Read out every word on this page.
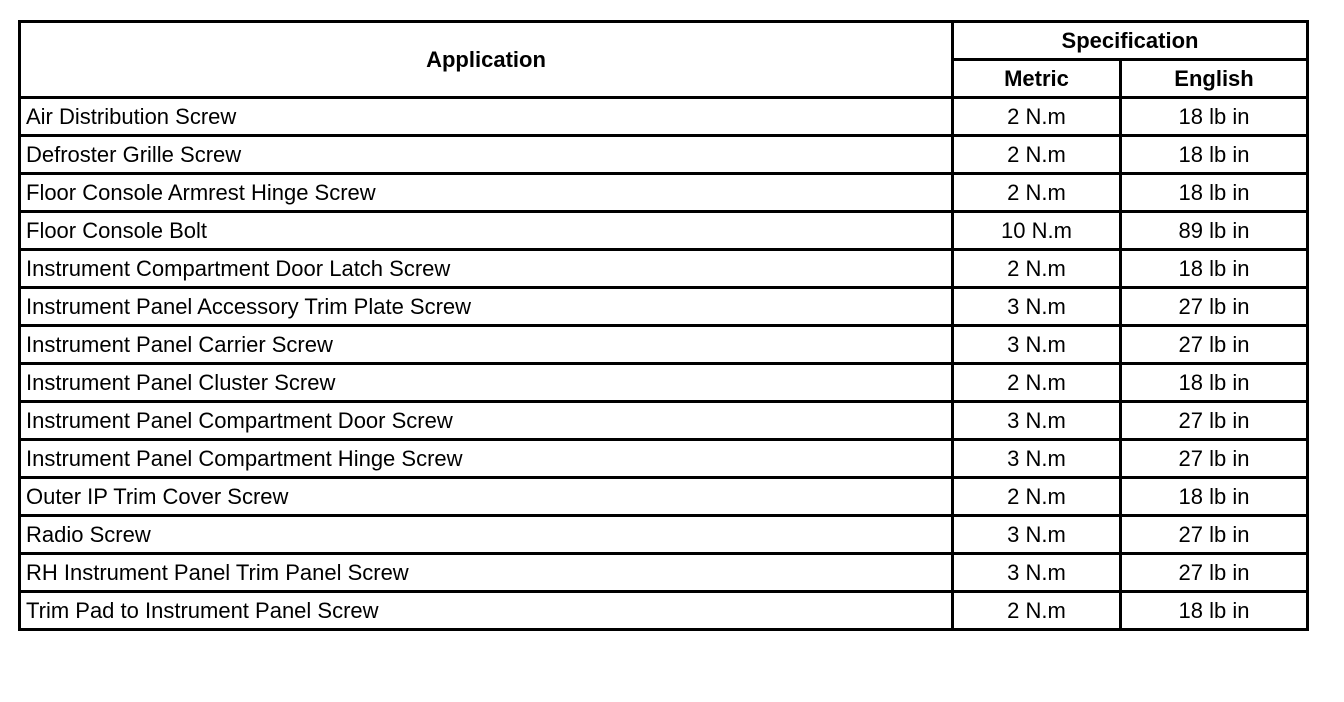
Application	Specification	
	Metric	English
Air Distribution Screw	2 N.m	18 lb in
Defroster Grille Screw	2 N.m	18 lb in
Floor Console Armrest Hinge Screw	2 N.m	18 lb in
Floor Console Bolt	10 N.m	89 lb in
Instrument Compartment Door Latch Screw	2 N.m	18 lb in
Instrument Panel Accessory Trim Plate Screw	3 N.m	27 lb in
Instrument Panel Carrier Screw	3 N.m	27 lb in
Instrument Panel Cluster Screw	2 N.m	18 lb in
Instrument Panel Compartment Door Screw	3 N.m	27 lb in
Instrument Panel Compartment Hinge Screw	3 N.m	27 lb in
Outer IP Trim Cover Screw	2 N.m	18 lb in
Radio Screw	3 N.m	27 lb in
RH Instrument Panel Trim Panel Screw	3 N.m	27 lb in
Trim Pad to Instrument Panel Screw	2 N.m	18 lb in
